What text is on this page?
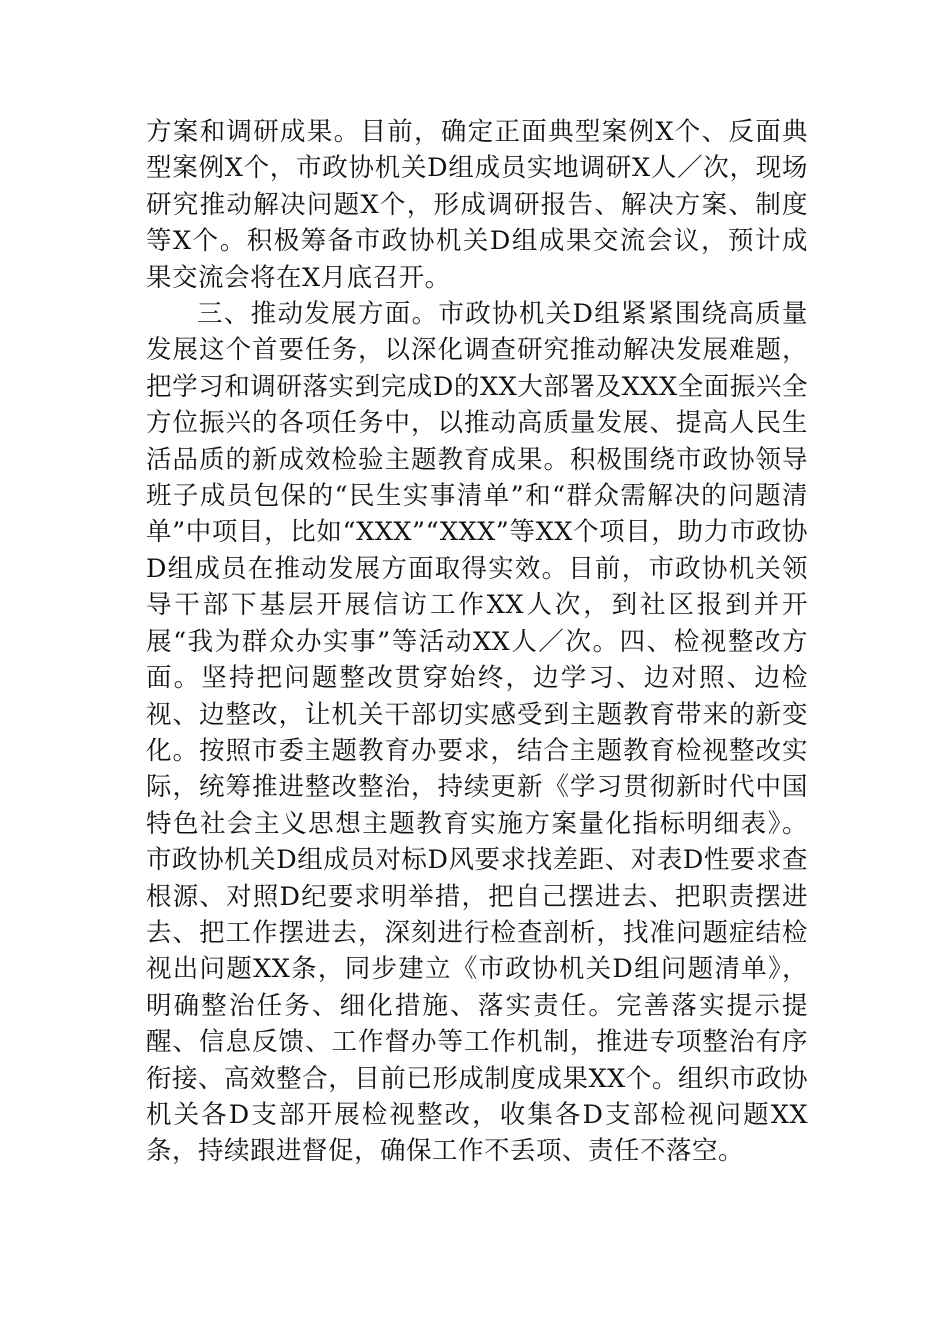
方案和调研成果。目前，确定正面典型案例X个、反面典型案例X个，市政协机关D组成员实地调研X人／次，现场研究推动解决问题X个，形成调研报告、解决方案、制度等X个。积极筹备市政协机关D组成果交流会议，预计成果交流会将在X月底召开。

三、推动发展方面。市政协机关D组紧紧围绕高质量发展这个首要任务，以深化调查研究推动解决发展难题，把学习和调研落实到完成D的XX大部署及XXX全面振兴全方位振兴的各项任务中，以推动高质量发展、提高人民生活品质的新成效检验主题教育成果。积极围绕市政协领导班子成员包保的“民生实事清单”和“群众需解决的问题清单”中项目，比如“XXX”“XXX”等XX个项目，助力市政协D组成员在推动发展方面取得实效。目前，市政协机关领导干部下基层开展信访工作XX人次，到社区报到并开展“我为群众办实事”等活动XX人／次。四、检视整改方面。坚持把问题整改贯穿始终，边学习、边对照、边检视、边整改，让机关干部切实感受到主题教育带来的新变化。按照市委主题教育办要求，结合主题教育检视整改实际，统筹推进整改整治，持续更新《学习贯彻新时代中国特色社会主义思想主题教育实施方案量化指标明细表》。市政协机关D组成员对标D风要求找差距、对表D性要求查根源、对照D纪要求明举措，把自己摆进去、把职责摆进去、把工作摆进去，深刻进行检查剖析，找准问题症结检视出问题XX条，同步建立《市政协机关D组问题清单》，明确整治任务、细化措施、落实责任。完善落实提示提醒、信息反馈、工作督办等工作机制，推进专项整治有序衔接、高效整合，目前已形成制度成果XX个。组织市政协机关各D支部开展检视整改，收集各D支部检视问题XX条，持续跟进督促，确保工作不丢项、责任不落空。
